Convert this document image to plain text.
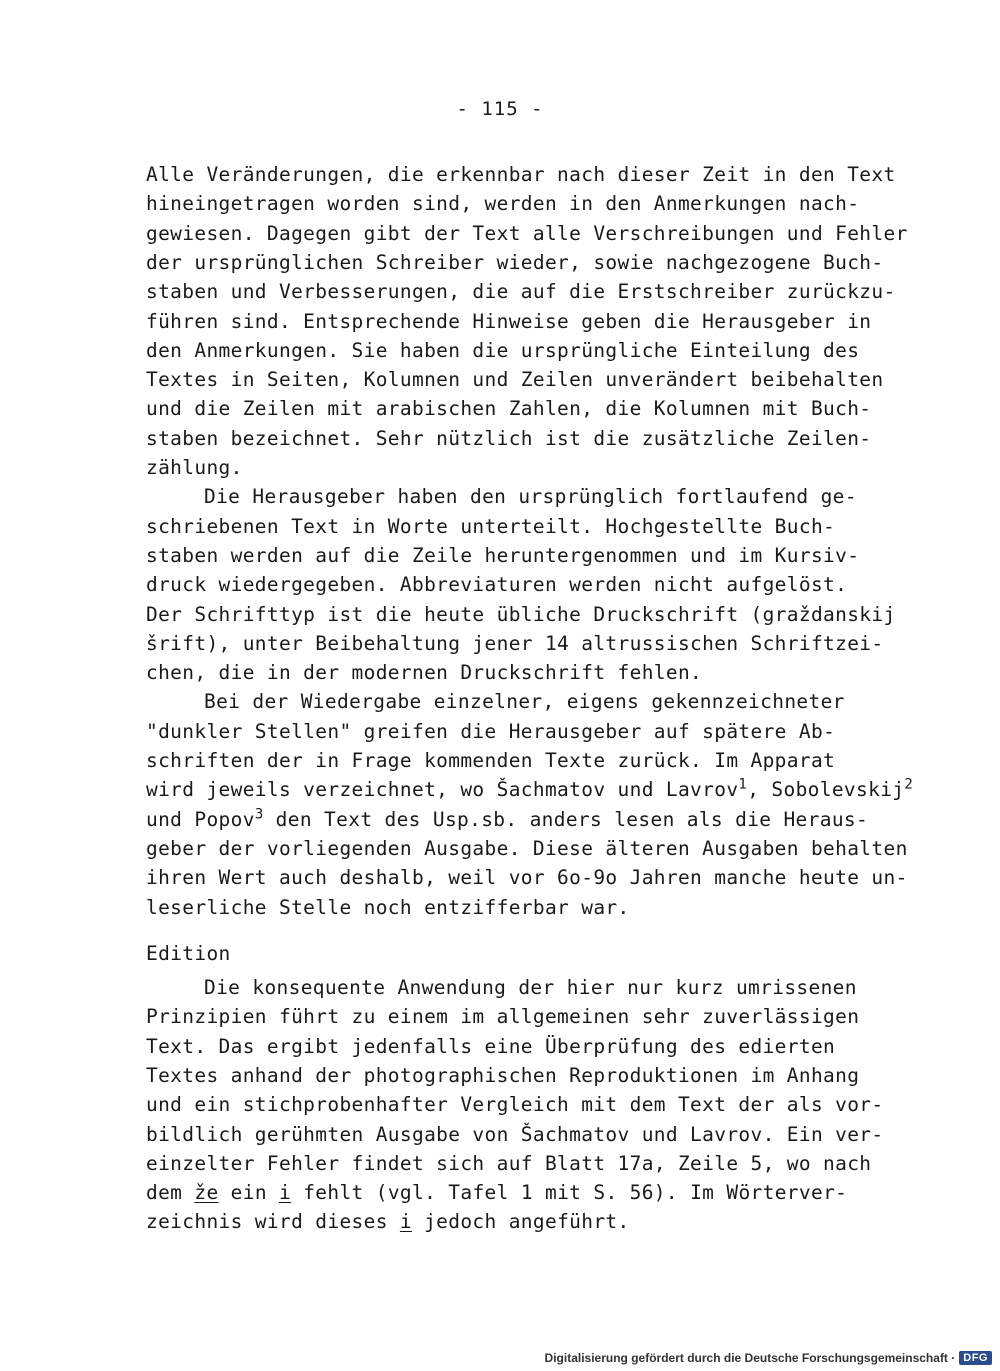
- 115 -
Alle Veränderungen, die erkennbar nach dieser Zeit in den Text
hineingetragen worden sind, werden in den Anmerkungen nach-
gewiesen. Dagegen gibt der Text alle Verschreibungen und Fehler
der ursprünglichen Schreiber wieder, sowie nachgezogene Buch-
staben und Verbesserungen, die auf die Erstschreiber zurückzu-
führen sind. Entsprechende Hinweise geben die Herausgeber in
den Anmerkungen. Sie haben die ursprüngliche Einteilung des
Textes in Seiten, Kolumnen und Zeilen unverändert beibehalten
und die Zeilen mit arabischen Zahlen, die Kolumnen mit Buch-
staben bezeichnet. Sehr nützlich ist die zusätzliche Zeilen-
zählung.
Die Herausgeber haben den ursprünglich fortlaufend ge-
schriebenen Text in Worte unterteilt. Hochgestellte Buch-
staben werden auf die Zeile heruntergenommen und im Kursiv-
druck wiedergegeben. Abbreviaturen werden nicht aufgelöst.
Der Schrifttyp ist die heute übliche Druckschrift (graždanskij
šrift), unter Beibehaltung jener 14 altrussischen Schriftzei-
chen, die in der modernen Druckschrift fehlen.
Bei der Wiedergabe einzelner, eigens gekennzeichneter
"dunkler Stellen" greifen die Herausgeber auf spätere Ab-
schriften der in Frage kommenden Texte zurück. Im Apparat
wird jeweils verzeichnet, wo Šachmatov und Lavrov$^1$, Sobolevskij$^2$
und Popov$^3$ den Text des Usp.sb. anders lesen als die Heraus-
geber der vorliegenden Ausgabe. Diese älteren Ausgaben behalten
ihren Wert auch deshalb, weil vor 6o-9o Jahren manche heute un-
leserliche Stelle noch entzifferbar war.
Edition
Die konsequente Anwendung der hier nur kurz umrissenen
Prinzipien führt zu einem im allgemeinen sehr zuverlässigen
Text. Das ergibt jedenfalls eine Überprüfung des edierten
Textes anhand der photographischen Reproduktionen im Anhang
und ein stichprobenhafter Vergleich mit dem Text der als vor-
bildlich gerühmten Ausgabe von Šachmatov und Lavrov. Ein ver-
einzelter Fehler findet sich auf Blatt 17a, Zeile 5, wo nach
dem že ein i fehlt (vgl. Tafel 1 mit S. 56). Im Wörterver-
zeichnis wird dieses i jedoch angeführt.
Digitalisierung gefördert durch die Deutsche Forschungsgemeinschaft · DFG
